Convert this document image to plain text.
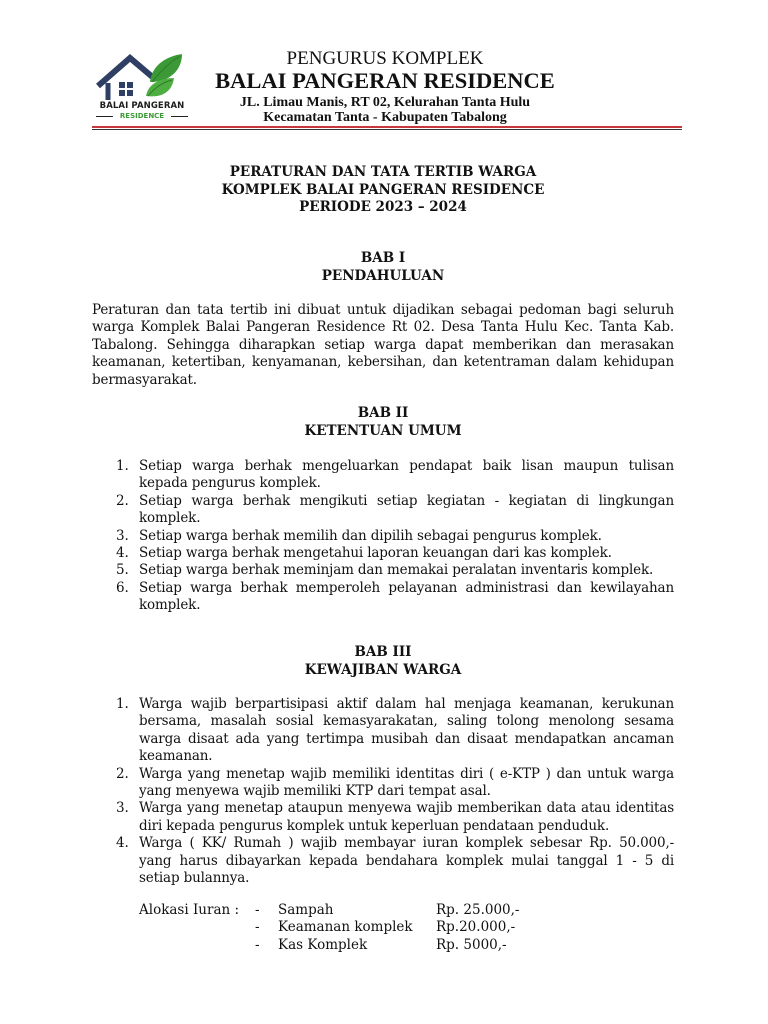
BALAI PANGERAN
RESIDENCE
PENGURUS KOMPLEK
BALAI PANGERAN RESIDENCE
JL. Limau Manis, RT 02, Kelurahan Tanta Hulu
Kecamatan Tanta - Kabupaten Tabalong
PERATURAN DAN TATA TERTIB WARGA
KOMPLEK BALAI PANGERAN RESIDENCE
PERIODE 2023 – 2024
BAB I
PENDAHULUAN
Peraturan dan tata tertib ini dibuat untuk dijadikan sebagai pedoman bagi seluruh warga Komplek Balai Pangeran Residence Rt 02. Desa Tanta Hulu Kec. Tanta Kab. Tabalong. Sehingga diharapkan setiap warga dapat memberikan dan merasakan keamanan, ketertiban, kenyamanan, kebersihan, dan ketentraman dalam kehidupan bermasyarakat.
BAB II
KETENTUAN UMUM
1. Setiap warga berhak mengeluarkan pendapat baik lisan maupun tulisan kepada pengurus komplek.
2. Setiap warga berhak mengikuti setiap kegiatan - kegiatan di lingkungan komplek.
3. Setiap warga berhak memilih dan dipilih sebagai pengurus komplek.
4. Setiap warga berhak mengetahui laporan keuangan dari kas komplek.
5. Setiap warga berhak meminjam dan memakai peralatan inventaris komplek.
6. Setiap warga berhak memperoleh pelayanan administrasi dan kewilayahan komplek.
BAB III
KEWAJIBAN WARGA
1. Warga wajib berpartisipasi aktif dalam hal menjaga keamanan, kerukunan bersama, masalah sosial kemasyarakatan, saling tolong menolong sesama warga disaat ada yang tertimpa musibah dan disaat mendapatkan ancaman keamanan.
2. Warga yang menetap wajib memiliki identitas diri ( e-KTP ) dan untuk warga yang menyewa wajib memiliki KTP dari tempat asal.
3. Warga yang menetap ataupun menyewa wajib memberikan data atau identitas diri kepada pengurus komplek untuk keperluan pendataan penduduk.
4. Warga ( KK/ Rumah ) wajib membayar iuran komplek sebesar Rp. 50.000,- yang harus dibayarkan kepada bendahara komplek mulai tanggal 1 - 5 di setiap bulannya.
Alokasi Iuran : - Sampah	Rp. 25.000,-
- Keamanan komplek Rp.20.000,-
- Kas Komplek	Rp. 5000,-
